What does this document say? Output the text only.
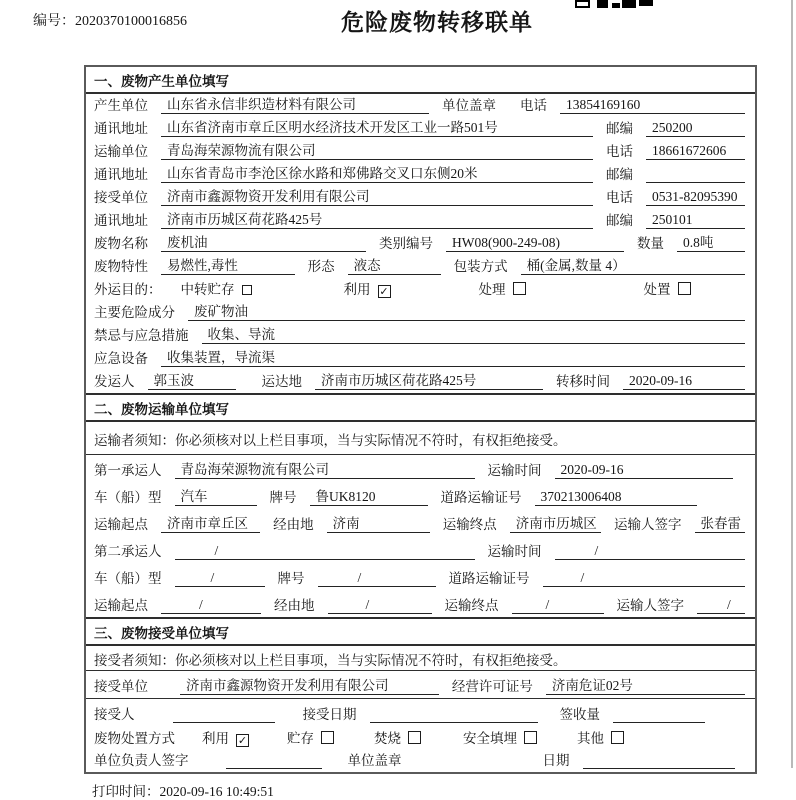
编号：2020370100016856	危险废物转移联单
一、废物产生单位填写
产生单位	山东省永信非织造材料有限公司	单位盖章 电话	13854169160
通讯地址	山东省济南市章丘区明水经济技术开发区工业一路501号	邮编	250200
运输单位	青岛海荣源物流有限公司	电话	18661672606
通讯地址	山东省青岛市李沧区徐水路和郑佛路交叉口东侧20米	邮编
接受单位	济南市鑫源物资开发利用有限公司	电话	0531-82095390
通讯地址	济南市历城区荷花路425号	邮编	250101
废物名称	废机油	类别编号	HW08(900-249-08)	数量	0.8吨
废物特性	易燃性,毒性	形态	液态	包装方式	桶(金属,数量 4）
外运目的： 中转贮存	利用 ✓	处理	处置
主要危险成分	废矿物油
禁忌与应急措施	收集、导流
应急设备	收集装置，导流渠
发运人	郭玉波	运达地	济南市历城区荷花路425号	转移时间	2020-09-16
二、废物运输单位填写
运输者须知：你必须核对以上栏目事项，当与实际情况不符时，有权拒绝接受。
第一承运人	青岛海荣源物流有限公司	运输时间	2020-09-16
车（船）型	汽车	牌号	鲁UK8120	道路运输证号	370213006408
运输起点	济南市章丘区	经由地	济南	运输终点	济南市历城区	运输人签字	张春雷
第二承运人	/	运输时间	/
车（船）型	/	牌号	/	道路运输证号	/
运输起点	/	经由地	/	运输终点	/	运输人签字	/
三、废物接受单位填写
接受者须知：你必须核对以上栏目事项，当与实际情况不符时，有权拒绝接受。
接受单位	济南市鑫源物资开发利用有限公司	经营许可证号	济南危证02号
接受人	接受日期	签收量
废物处置方式 利用 ✓	贮存	焚烧	安全填埋	其他
单位负责人签字	单位盖章	日期
打印时间：2020-09-16 10:49:51
